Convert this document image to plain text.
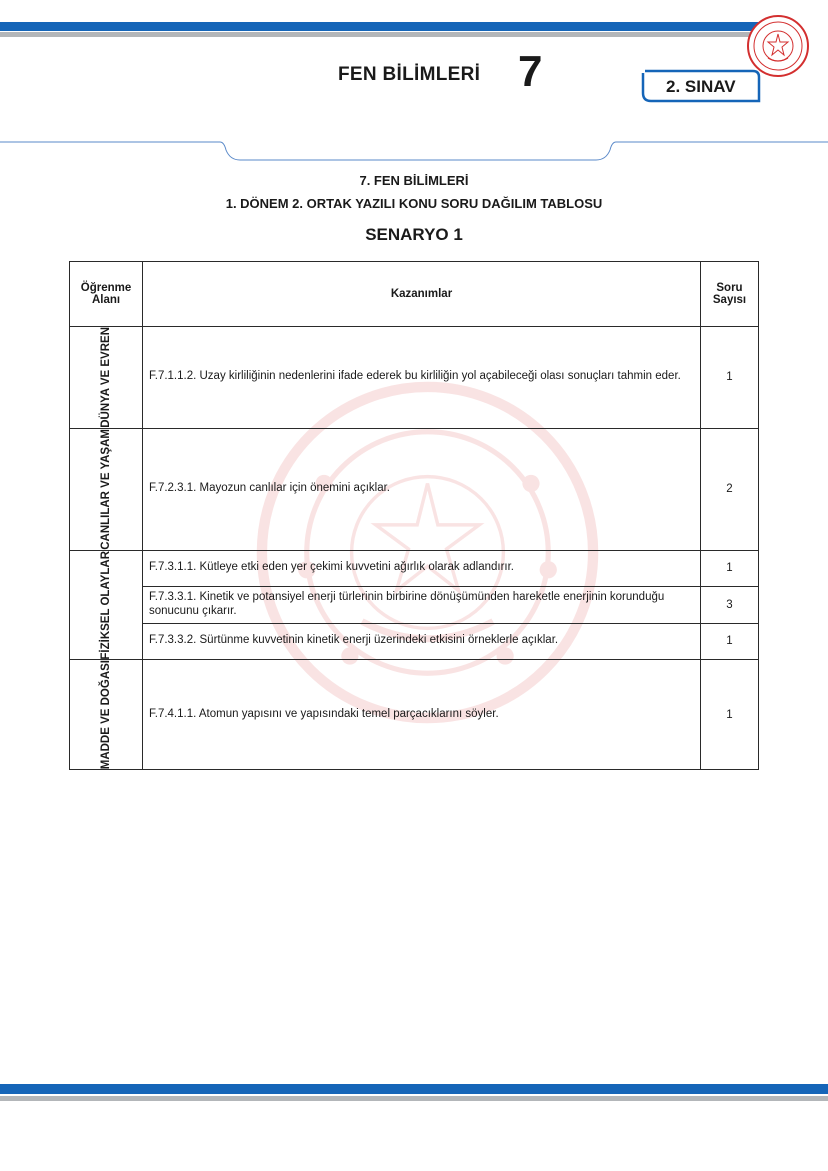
FEN BİLİMLERİ 7	2. SINAV
7. FEN BİLİMLERİ
1. DÖNEM 2. ORTAK YAZILI KONU SORU DAĞILIM TABLOSU
SENARYO 1
Öğrenme Alanı	Kazanımlar	Soru Sayısı

DÜNYA VE EVREN	F.7.1.1.2. Uzay kirliliğinin nedenlerini ifade ederek bu kirliliğin yol açabileceği olası sonuçları tahmin eder.	1

CANLILAR VE YAŞAM	F.7.2.3.1. Mayozun canlılar için önemini açıklar.	2

FİZİKSEL OLAYLAR	F.7.3.1.1. Kütleye etki eden yer çekimi kuvvetini ağırlık olarak adlandırır.	1
	F.7.3.3.1. Kinetik ve potansiyel enerji türlerinin birbirine dönüşümünden hareketle enerjinin korunduğu sonucunu çıkarır.	3
	F.7.3.3.2. Sürtünme kuvvetinin kinetik enerji üzerindeki etkisini örneklerle açıklar.	1

MADDE VE DOĞASI	F.7.4.1.1. Atomun yapısını ve yapısındaki temel parçacıklarını söyler.	1
